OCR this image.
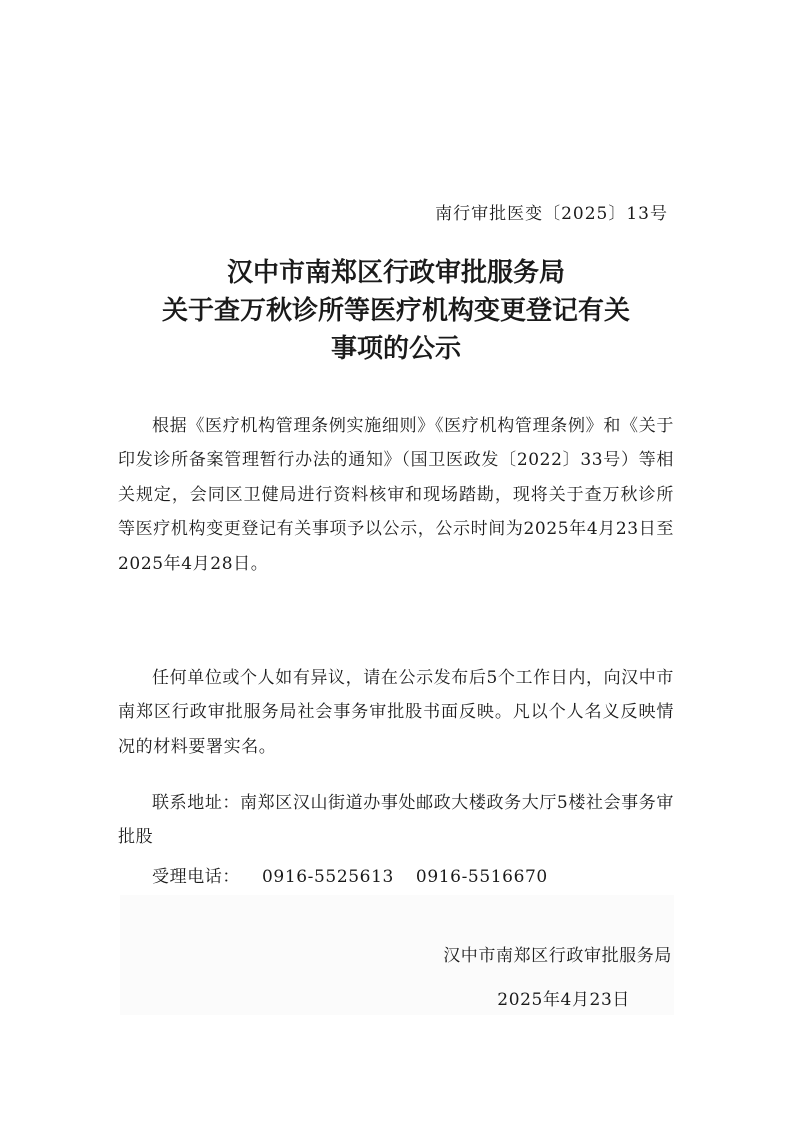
南行审批医变〔2025〕13号
汉中市南郑区行政审批服务局
关于查万秋诊所等医疗机构变更登记有关
事项的公示

根据《医疗机构管理条例实施细则》《医疗机构管理条例》和《关于印发诊所备案管理暂行办法的通知》（国卫医政发〔2022〕33号）等相关规定，会同区卫健局进行资料核审和现场踏勘，现将关于查万秋诊所等医疗机构变更登记有关事项予以公示，公示时间为2025年4月23日至2025年4月28日。

任何单位或个人如有异议，请在公示发布后5个工作日内，向汉中市南郑区行政审批服务局社会事务审批股书面反映。凡以个人名义反映情况的材料要署实名。

联系地址：南郑区汉山街道办事处邮政大楼政务大厅5楼社会事务审批股

受理电话： 0916-5525613 0916-5516670

汉中市南郑区行政审批服务局
2025年4月23日
